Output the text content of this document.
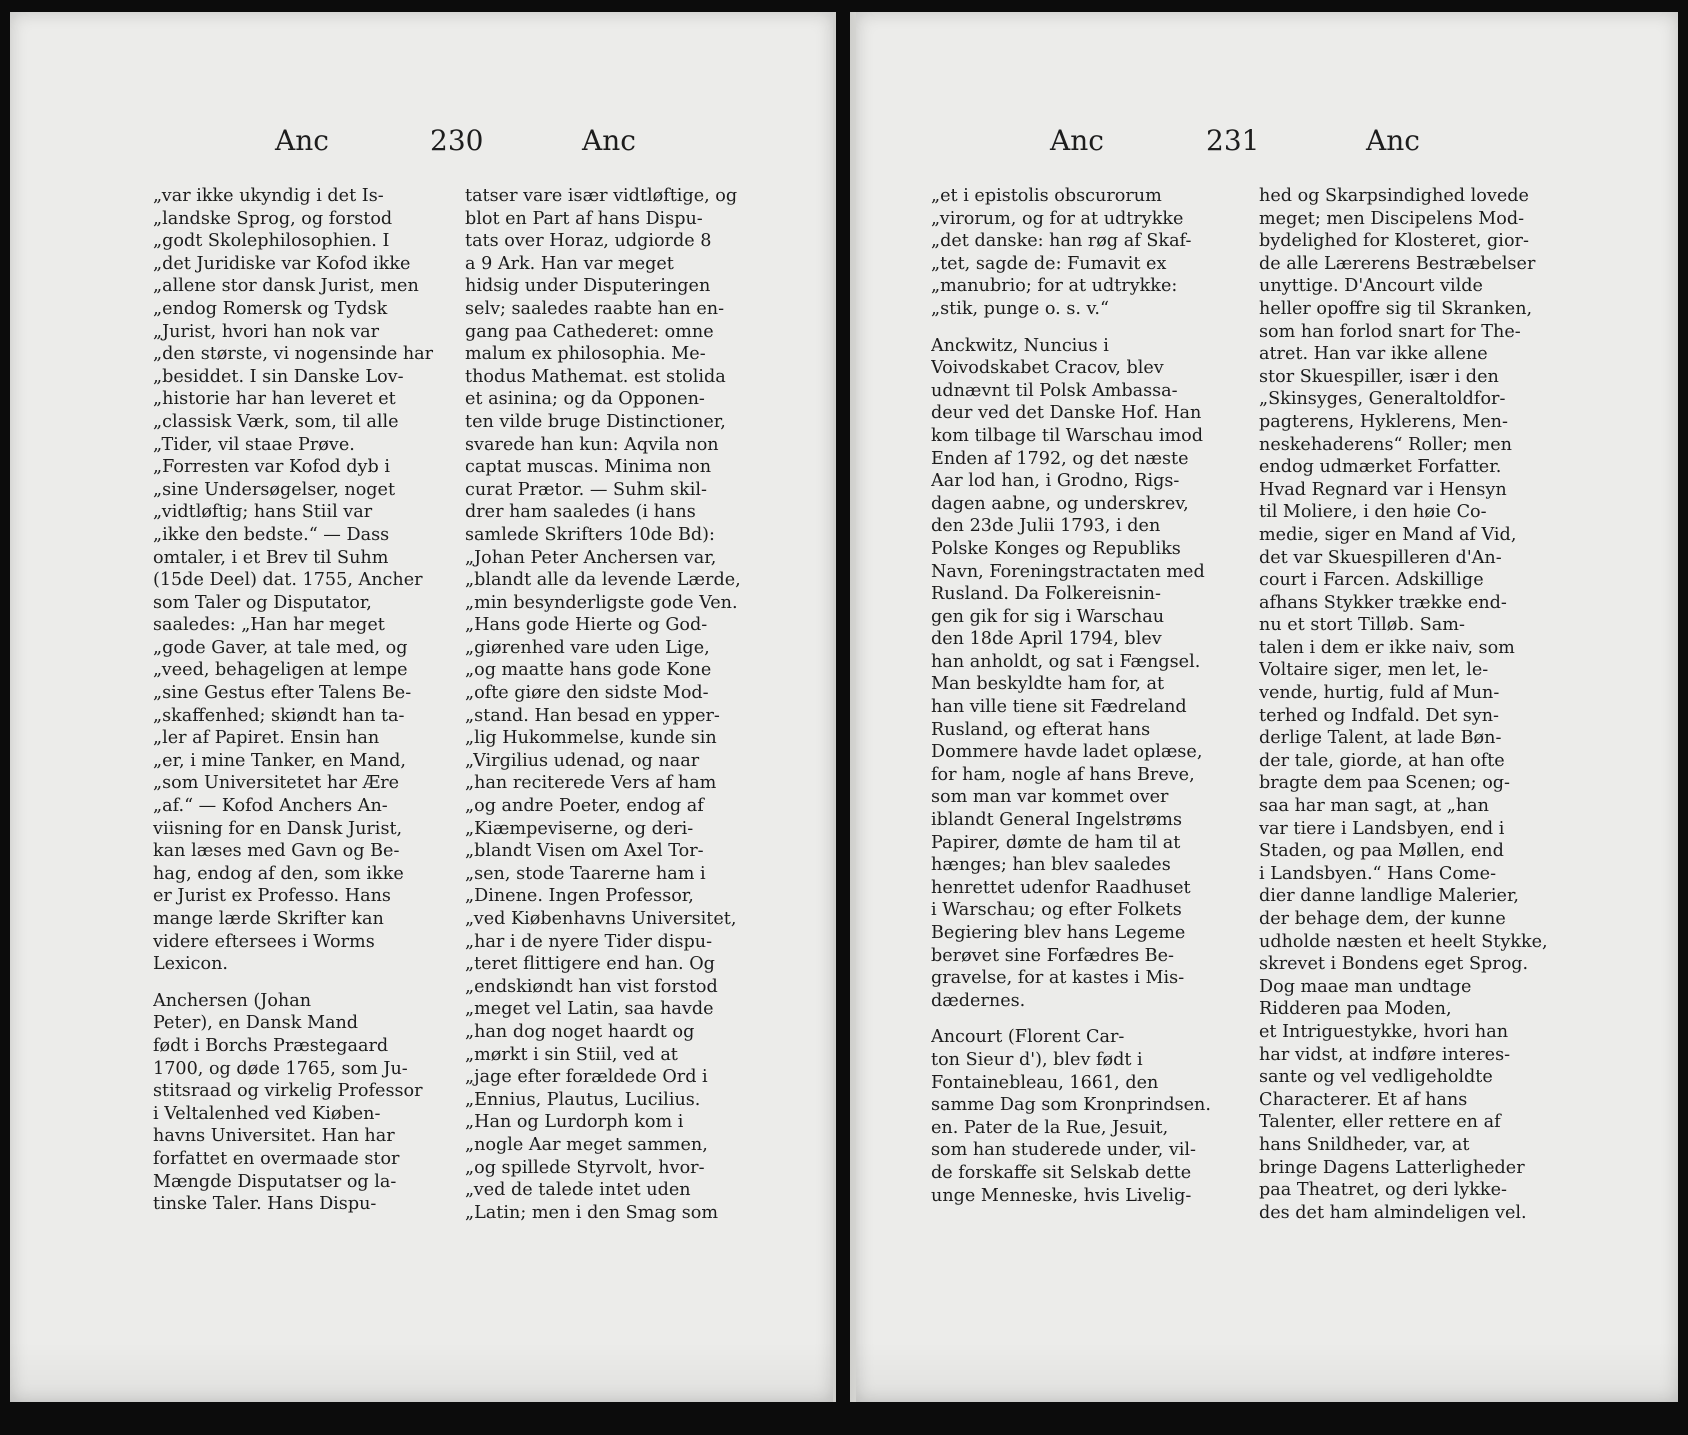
Anc	230	Anc
„var ikke ukyndig i det Is-
„landske Sprog, og forstod
„godt Skolephilosophien. I
„det Juridiske var Kofod ikke
„allene stor dansk Jurist, men
„endog Romersk og Tydsk
„Jurist, hvori han nok var
„den største, vi nogensinde har
„besiddet. I sin Danske Lov-
„historie har han leveret et
„classisk Værk, som, til alle
„Tider, vil staae Prøve.
„Forresten var Kofod dyb i
„sine Undersøgelser, noget
„vidtløftig; hans Stiil var
„ikke den bedste.“ — Dass
omtaler, i et Brev til Suhm
(15de Deel) dat. 1755, Ancher
som Taler og Disputator,
saaledes: „Han har meget
„gode Gaver, at tale med, og
„veed, behageligen at lempe
„sine Gestus efter Talens Be-
„skaffenhed; skiøndt han ta-
„ler af Papiret. Ensin han
„er, i mine Tanker, en Mand,
„som Universitetet har Ære
„af.“ — Kofod Anchers An-
viisning for en Dansk Jurist,
kan læses med Gavn og Be-
hag, endog af den, som ikke
er Jurist ex Professo. Hans
mange lærde Skrifter kan
videre eftersees i Worms
Lexicon.
Anchersen (Johan
Peter), en Dansk Mand
født i Borchs Præstegaard
1700, og døde 1765, som Ju-
stitsraad og virkelig Professor
i Veltalenhed ved Kiøben-
havns Universitet. Han har
forfattet en overmaade stor
Mængde Disputatser og la-
tinske Taler. Hans Dispu-
tatser vare især vidtløftige, og
blot en Part af hans Dispu-
tats over Horaz, udgiorde 8
a 9 Ark. Han var meget
hidsig under Disputeringen
selv; saaledes raabte han en-
gang paa Cathederet: omne
malum ex philosophia. Me-
thodus Mathemat. est stolida
et asinina; og da Opponen-
ten vilde bruge Distinctioner,
svarede han kun: Aqvila non
captat muscas. Minima non
curat Prætor. — Suhm skil-
drer ham saaledes (i hans
samlede Skrifters 10de Bd):
„Johan Peter Anchersen var,
„blandt alle da levende Lærde,
„min besynderligste gode Ven.
„Hans gode Hierte og God-
„giørenhed vare uden Lige,
„og maatte hans gode Kone
„ofte giøre den sidste Mod-
„stand. Han besad en ypper-
„lig Hukommelse, kunde sin
„Virgilius udenad, og naar
„han reciterede Vers af ham
„og andre Poeter, endog af
„Kiæmpeviserne, og deri-
„blandt Visen om Axel Tor-
„sen, stode Taarerne ham i
„Dinene. Ingen Professor,
„ved Kiøbenhavns Universitet,
„har i de nyere Tider dispu-
„teret flittigere end han. Og
„endskiøndt han vist forstod
„meget vel Latin, saa havde
„han dog noget haardt og
„mørkt i sin Stiil, ved at
„jage efter forældede Ord i
„Ennius, Plautus, Lucilius.
„Han og Lurdorph kom i
„nogle Aar meget sammen,
„og spillede Styrvolt, hvor-
„ved de talede intet uden
„Latin; men i den Smag som
Anc	231	Anc
„et i epistolis obscurorum
„virorum, og for at udtrykke
„det danske: han røg af Skaf-
„tet, sagde de: Fumavit ex
„manubrio; for at udtrykke:
„stik, punge o. s. v.“
Anckwitz, Nuncius i
Voivodskabet Cracov, blev
udnævnt til Polsk Ambassa-
deur ved det Danske Hof. Han
kom tilbage til Warschau imod
Enden af 1792, og det næste
Aar lod han, i Grodno, Rigs-
dagen aabne, og underskrev,
den 23de Julii 1793, i den
Polske Konges og Republiks
Navn, Foreningstractaten med
Rusland. Da Folkereisnin-
gen gik for sig i Warschau
den 18de April 1794, blev
han anholdt, og sat i Fængsel.
Man beskyldte ham for, at
han ville tiene sit Fædreland
Rusland, og efterat hans
Dommere havde ladet oplæse,
for ham, nogle af hans Breve,
som man var kommet over
iblandt General Ingelstrøms
Papirer, dømte de ham til at
hænges; han blev saaledes
henrettet udenfor Raadhuset
i Warschau; og efter Folkets
Begiering blev hans Legeme
berøvet sine Forfædres Be-
gravelse, for at kastes i Mis-
dædernes.
Ancourt (Florent Car-
ton Sieur d'), blev født i
Fontainebleau, 1661, den
samme Dag som Kronprindsen.
en. Pater de la Rue, Jesuit,
som han studerede under, vil-
de forskaffe sit Selskab dette
unge Menneske, hvis Livelig-
hed og Skarpsindighed lovede
meget; men Discipelens Mod-
bydelighed for Klosteret, gior-
de alle Lærerens Bestræbelser
unyttige. D'Ancourt vilde
heller opoffre sig til Skranken,
som han forlod snart for The-
atret. Han var ikke allene
stor Skuespiller, især i den
„Skinsyges, Generaltoldfor-
pagterens, Hyklerens, Men-
neskehaderens“ Roller; men
endog udmærket Forfatter.
Hvad Regnard var i Hensyn
til Moliere, i den høie Co-
medie, siger en Mand af Vid,
det var Skuespilleren d'An-
court i Farcen. Adskillige
afhans Stykker trække end-
nu et stort Tilløb. Sam-
talen i dem er ikke naiv, som
Voltaire siger, men let, le-
vende, hurtig, fuld af Mun-
terhed og Indfald. Det syn-
derlige Talent, at lade Bøn-
der tale, giorde, at han ofte
bragte dem paa Scenen; og-
saa har man sagt, at „han
var tiere i Landsbyen, end i
Staden, og paa Møllen, end
i Landsbyen.“ Hans Come-
dier danne landlige Malerier,
der behage dem, der kunne
udholde næsten et heelt Stykke,
skrevet i Bondens eget Sprog.
Dog maae man undtage
Ridderen paa Moden,
et Intriguestykke, hvori han
har vidst, at indføre interes-
sante og vel vedligeholdte
Characterer. Et af hans
Talenter, eller rettere en af
hans Snildheder, var, at
bringe Dagens Latterligheder
paa Theatret, og deri lykke-
des det ham almindeligen vel.
